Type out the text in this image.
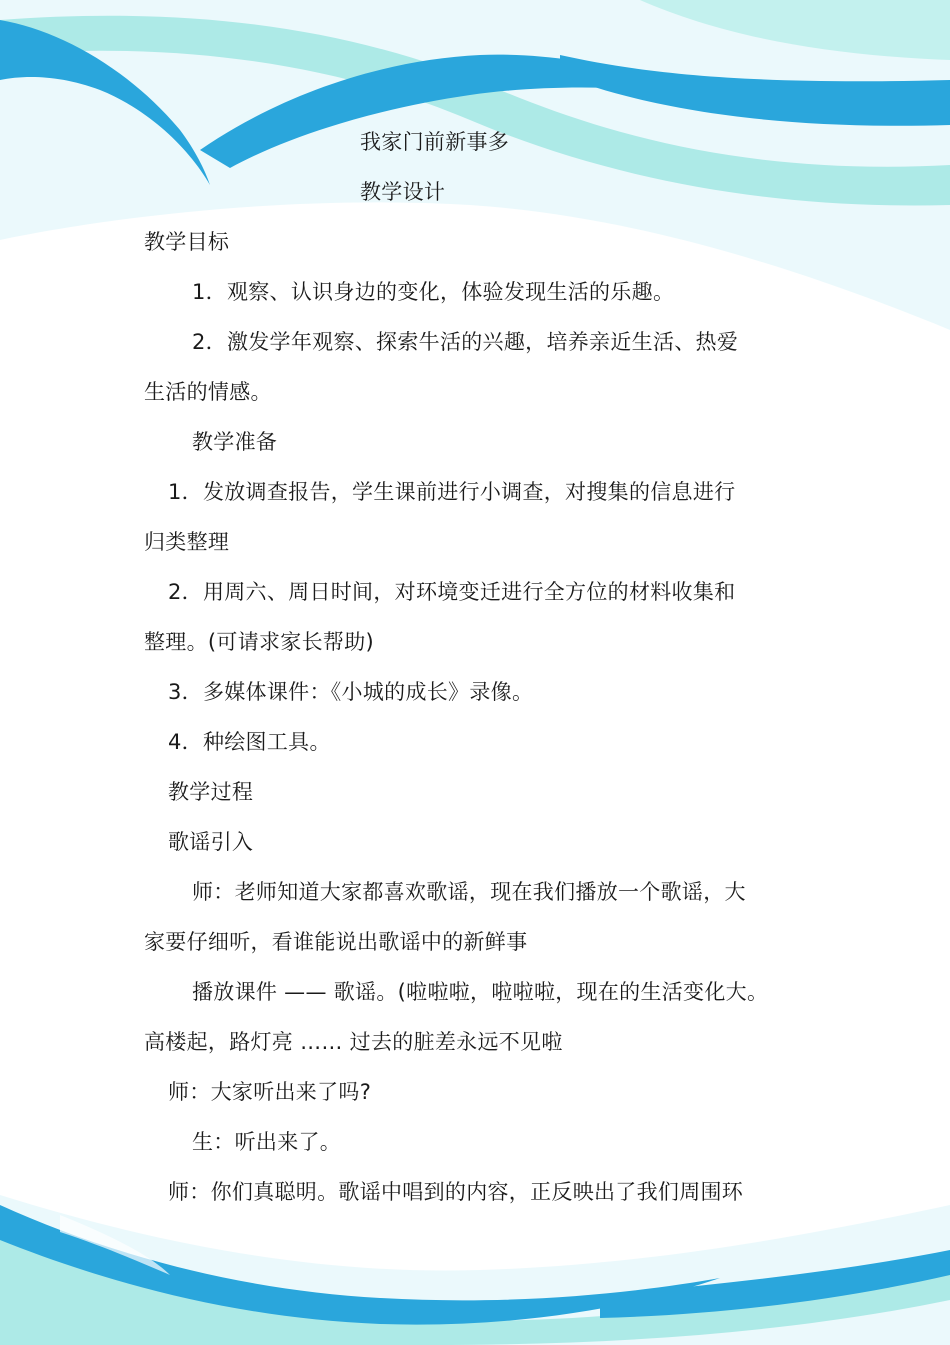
我家门前新事多
教学设计
教学目标
1．观察、认识身边的变化，体验发现生活的乐趣。
2．激发学年观察、探索牛活的兴趣，培养亲近生活、热爱
生活的情感。
教学准备
1．发放调查报告，学生课前进行小调查，对搜集的信息进行
归类整理
2．用周六、周日时间，对环境变迁进行全方位的材料收集和
整理。(可请求家长帮助)
3．多媒体课件：《小城的成长》录像。
4．种绘图工具。
教学过程
歌谣引入
师：老师知道大家都喜欢歌谣，现在我们播放一个歌谣，大
家要仔细听，看谁能说出歌谣中的新鲜事
播放课件 —— 歌谣。(啦啦啦，啦啦啦，现在的生活变化大。
高楼起，路灯亮 …… 过去的脏差永远不见啦
师：大家听出来了吗?
生：听出来了。
师：你们真聪明。歌谣中唱到的内容，正反映出了我们周围环
